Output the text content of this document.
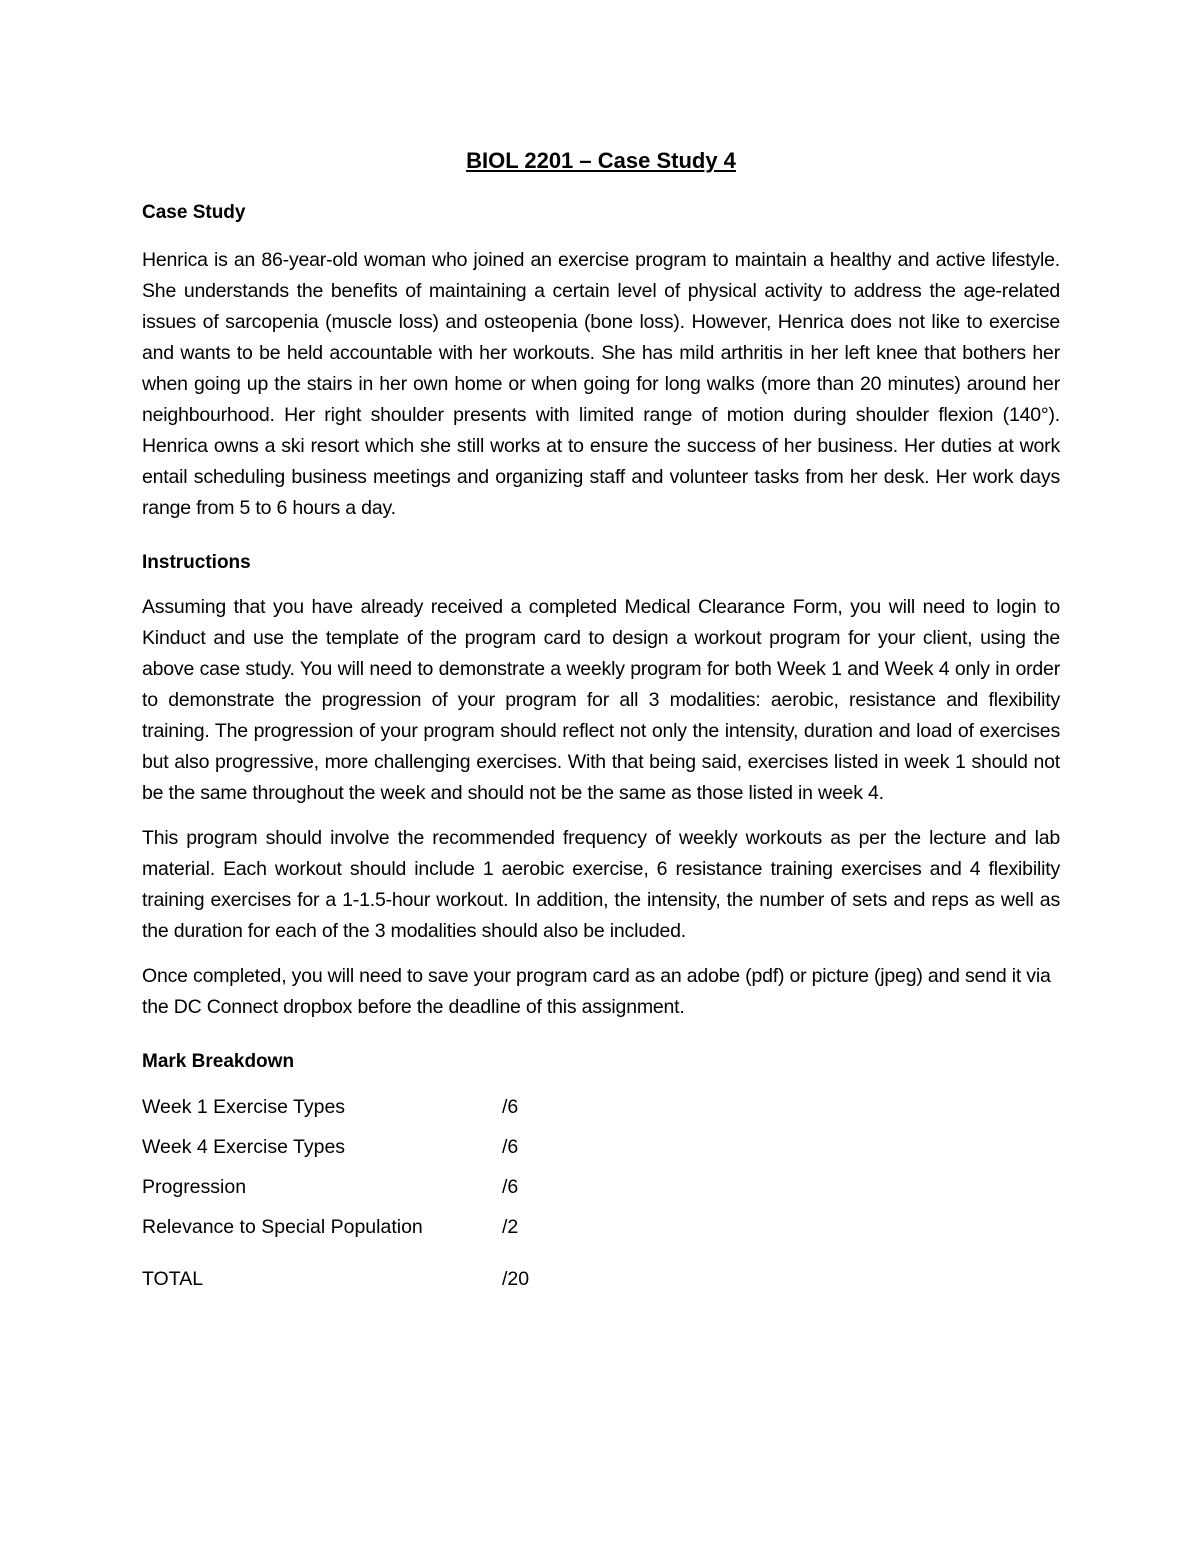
BIOL 2201 – Case Study 4
Case Study

Henrica is an 86-year-old woman who joined an exercise program to maintain a healthy and active lifestyle. She understands the benefits of maintaining a certain level of physical activity to address the age-related issues of sarcopenia (muscle loss) and osteopenia (bone loss). However, Henrica does not like to exercise and wants to be held accountable with her workouts. She has mild arthritis in her left knee that bothers her when going up the stairs in her own home or when going for long walks (more than 20 minutes) around her neighbourhood. Her right shoulder presents with limited range of motion during shoulder flexion (140°). Henrica owns a ski resort which she still works at to ensure the success of her business. Her duties at work entail scheduling business meetings and organizing staff and volunteer tasks from her desk. Her work days range from 5 to 6 hours a day.

Instructions

Assuming that you have already received a completed Medical Clearance Form, you will need to login to Kinduct and use the template of the program card to design a workout program for your client, using the above case study. You will need to demonstrate a weekly program for both Week 1 and Week 4 only in order to demonstrate the progression of your program for all 3 modalities: aerobic, resistance and flexibility training. The progression of your program should reflect not only the intensity, duration and load of exercises but also progressive, more challenging exercises. With that being said, exercises listed in week 1 should not be the same throughout the week and should not be the same as those listed in week 4.

This program should involve the recommended frequency of weekly workouts as per the lecture and lab material. Each workout should include 1 aerobic exercise, 6 resistance training exercises and 4 flexibility training exercises for a 1-1.5-hour workout. In addition, the intensity, the number of sets and reps as well as the duration for each of the 3 modalities should also be included.

Once completed, you will need to save your program card as an adobe (pdf) or picture (jpeg) and send it via the DC Connect dropbox before the deadline of this assignment.

Mark Breakdown
Week 1 Exercise Types	/6
Week 4 Exercise Types	/6
Progression	/6
Relevance to Special Population	/2
TOTAL	/20
